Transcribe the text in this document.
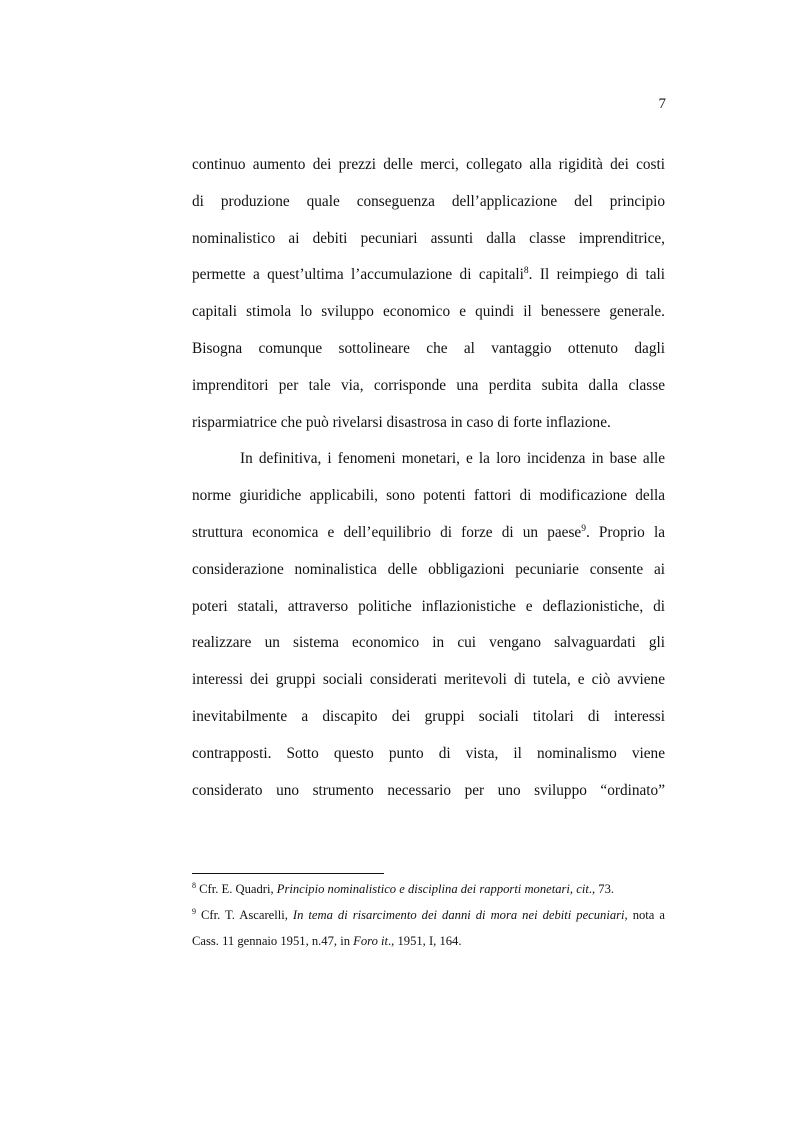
7
continuo aumento dei prezzi delle merci, collegato alla rigidità dei costi
di produzione quale conseguenza dell’applicazione del principio
nominalistico ai debiti pecuniari assunti dalla classe imprenditrice,
permette a quest’ultima l’accumulazione di capitali$^8$. Il reimpiego di tali
capitali stimola lo sviluppo economico e quindi il benessere generale.
Bisogna comunque sottolineare che al vantaggio ottenuto dagli
imprenditori per tale via, corrisponde una perdita subita dalla classe
risparmiatrice che può rivelarsi disastrosa in caso di forte inflazione.
In definitiva, i fenomeni monetari, e la loro incidenza in base alle
norme giuridiche applicabili, sono potenti fattori di modificazione della
struttura economica e dell’equilibrio di forze di un paese$^9$. Proprio la
considerazione nominalistica delle obbligazioni pecuniarie consente ai
poteri statali, attraverso politiche inflazionistiche e deflazionistiche, di
realizzare un sistema economico in cui vengano salvaguardati gli
interessi dei gruppi sociali considerati meritevoli di tutela, e ciò avviene
inevitabilmente a discapito dei gruppi sociali titolari di interessi
contrapposti. Sotto questo punto di vista, il nominalismo viene
considerato uno strumento necessario per uno sviluppo “ordinato”
$^8$ Cfr. E. Quadri, Principio nominalistico e disciplina dei rapporti monetari, cit., 73.
$^9$ Cfr. T. Ascarelli, In tema di risarcimento dei danni di mora nei debiti pecuniari, nota a
Cass. 11 gennaio 1951, n.47, in Foro it., 1951, I, 164.
